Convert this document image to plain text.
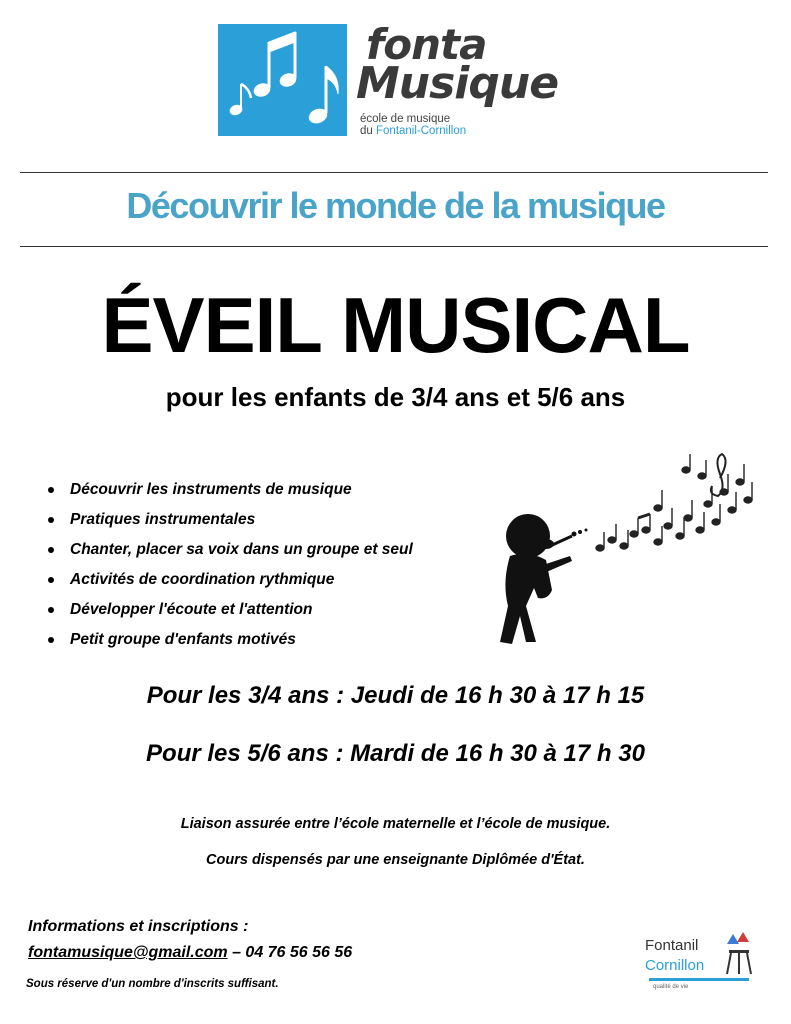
fonta
Musique
école de musique
du Fontanil-Cornillon
Découvrir le monde de la musique
ÉVEIL MUSICAL
pour les enfants de 3/4 ans et 5/6 ans
Découvrir les instruments de musique
Pratiques instrumentales
Chanter, placer sa voix dans un groupe et seul
Activités de coordination rythmique
Développer l'écoute et l'attention
Petit groupe d'enfants motivés
Pour les 3/4 ans : Jeudi de 16 h 30 à 17 h 15
Pour les 5/6 ans : Mardi de 16 h 30 à 17 h 30
Liaison assurée entre l’école maternelle et l’école de musique.
Cours dispensés par une enseignante Diplômée d'État.
Informations et inscriptions :
fontamusique@gmail.com – 04 76 56 56 56
Sous réserve d'un nombre d'inscrits suffisant.
Fontanil
Cornillon
qualité de vie
